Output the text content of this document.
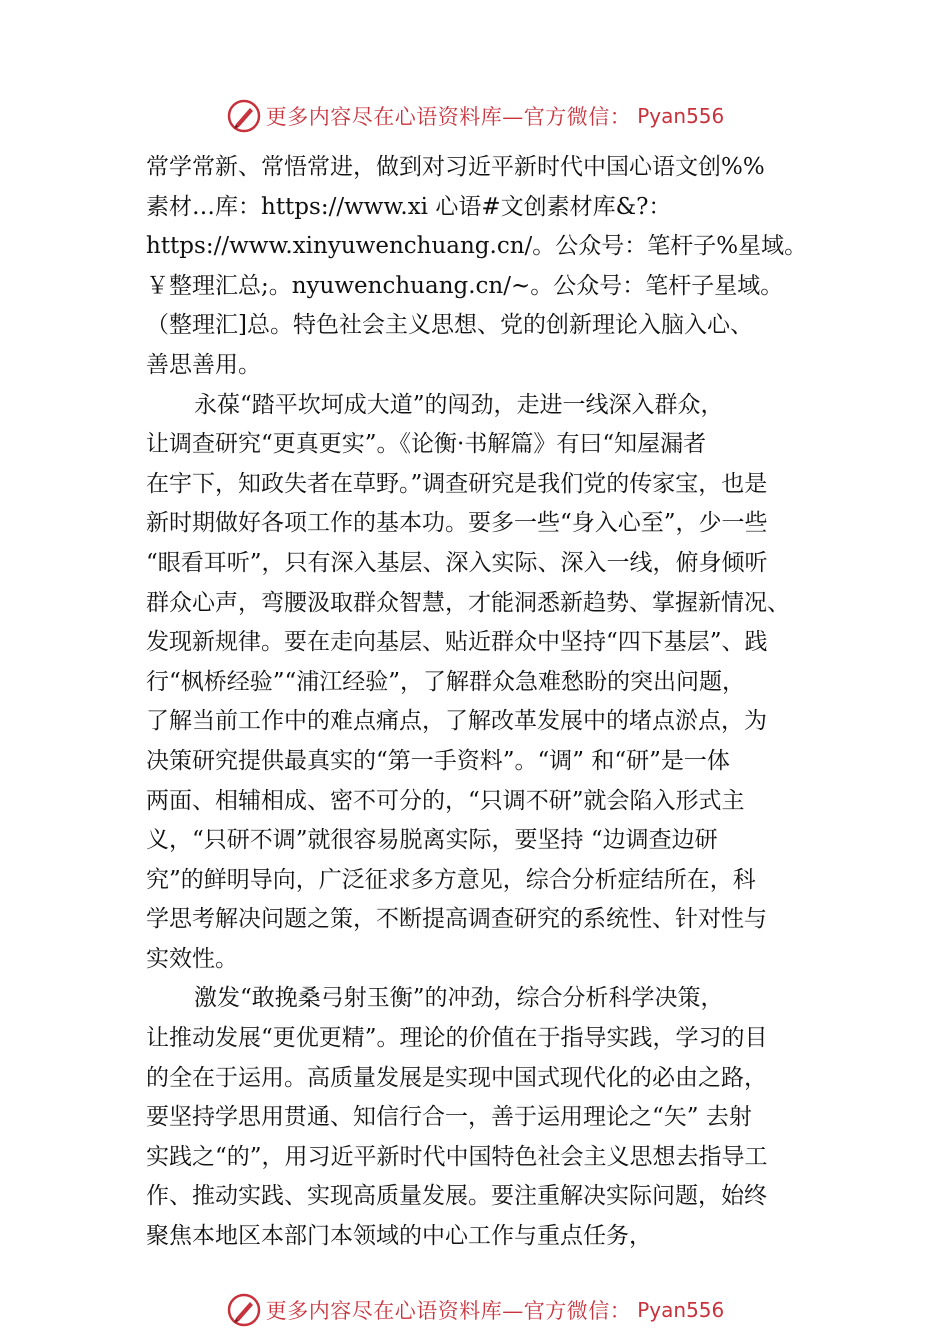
更多内容尽在心语资料库—官方微信： Pyan556
常学常新、常悟常进，做到对习近平新时代中国心语文创%%
素材…库：https://www.xi 心语#文创素材库&?：
https://www.xinyuwenchuang.cn/。公众号：笔杆子%星域。
￥整理汇总;。nyuwenchuang.cn/~。公众号：笔杆子星域。
（整理汇]总。特色社会主义思想、党的创新理论入脑入心、
善思善用。
永葆“踏平坎坷成大道”的闯劲，走进一线深入群众，
让调查研究“更真更实”。《论衡·书解篇》有曰“知屋漏者
在宇下，知政失者在草野。”调查研究是我们党的传家宝，也是
新时期做好各项工作的基本功。要多一些“身入心至”，少一些
“眼看耳听”，只有深入基层、深入实际、深入一线，俯身倾听
群众心声，弯腰汲取群众智慧，才能洞悉新趋势、掌握新情况、
发现新规律。要在走向基层、贴近群众中坚持“四下基层”、践
行“枫桥经验”“浦江经验”，了解群众急难愁盼的突出问题，
了解当前工作中的难点痛点，了解改革发展中的堵点淤点，为
决策研究提供最真实的“第一手资料”。“调” 和“研”是一体
两面、相辅相成、密不可分的，“只调不研”就会陷入形式主
义，“只研不调”就很容易脱离实际，要坚持 “边调查边研
究”的鲜明导向，广泛征求多方意见，综合分析症结所在，科
学思考解决问题之策，不断提高调查研究的系统性、针对性与
实效性。
激发“敢挽桑弓射玉衡”的冲劲，综合分析科学决策，
让推动发展“更优更精”。理论的价值在于指导实践，学习的目
的全在于运用。高质量发展是实现中国式现代化的必由之路，
要坚持学思用贯通、知信行合一，善于运用理论之“矢” 去射
实践之“的”，用习近平新时代中国特色社会主义思想去指导工
作、推动实践、实现高质量发展。要注重解决实际问题，始终
聚焦本地区本部门本领域的中心工作与重点任务，
更多内容尽在心语资料库—官方微信： Pyan556
